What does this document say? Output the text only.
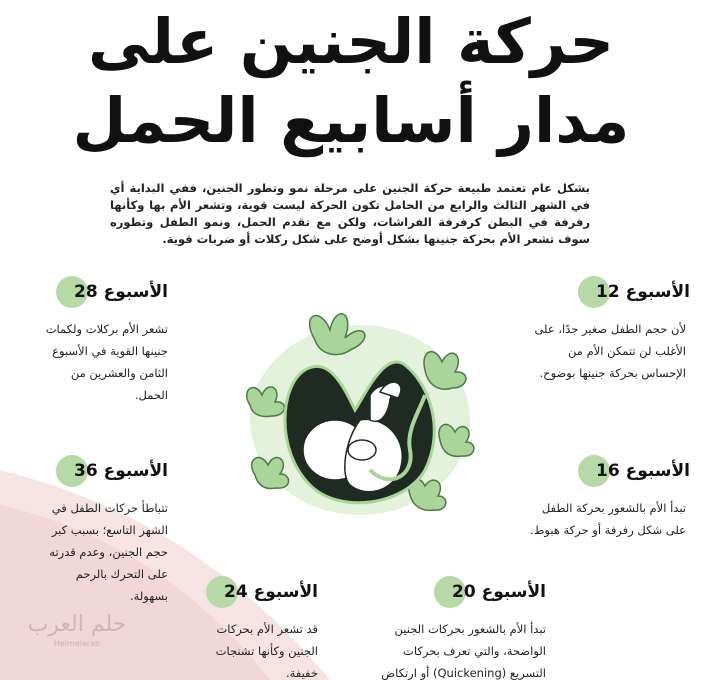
حركة الجنين على
مدار أسابيع الحمل

بشكل عام تعتمد طبيعة حركة الجنين على مرحلة نمو وتطور الجنين، ففي البداية أي في الشهر الثالث والرابع من الحامل تكون الحركة ليست قوية، وتشعر الأم بها وكأنها رفرفة في البطن كرفرفة الفراشات، ولكن مع تقدم الحمل، ونمو الطفل وتطوره سوف تشعر الأم بحركة جنينها بشكل أوضح على شكل ركلات أو ضربات قوية.

الأسبوع 12

لأن حجم الطفل صغير جدًا، على الأغلب لن تتمكن الأم من الإحساس بحركة جنينها بوضوح.

الأسبوع 16

تبدأ الأم بالشعور بحركة الطفل على شكل رفرفة أو حركة هبوط.

الأسبوع 20

تبدأ الأم بالشعور بحركات الجنين الواضحة، والتي تعرف بحركات التسريع (Quickening) أو ارتكاض

الأسبوع 28

تشعر الأم بركلات ولكمات جنينها القوية في الأسبوع الثامن والعشرين من الحمل.

الأسبوع 36

تتباطأ حركات الطفل في الشهر التاسع؛ بسبب كبر حجم الجنين، وعدم قدرته على التحرك بالرحم بسهولة.	الأسبوع 24

قد تشعر الأم بحركات الجنين وكأنها تشنجات خفيفة.

حلم العرب
Helmelarab
